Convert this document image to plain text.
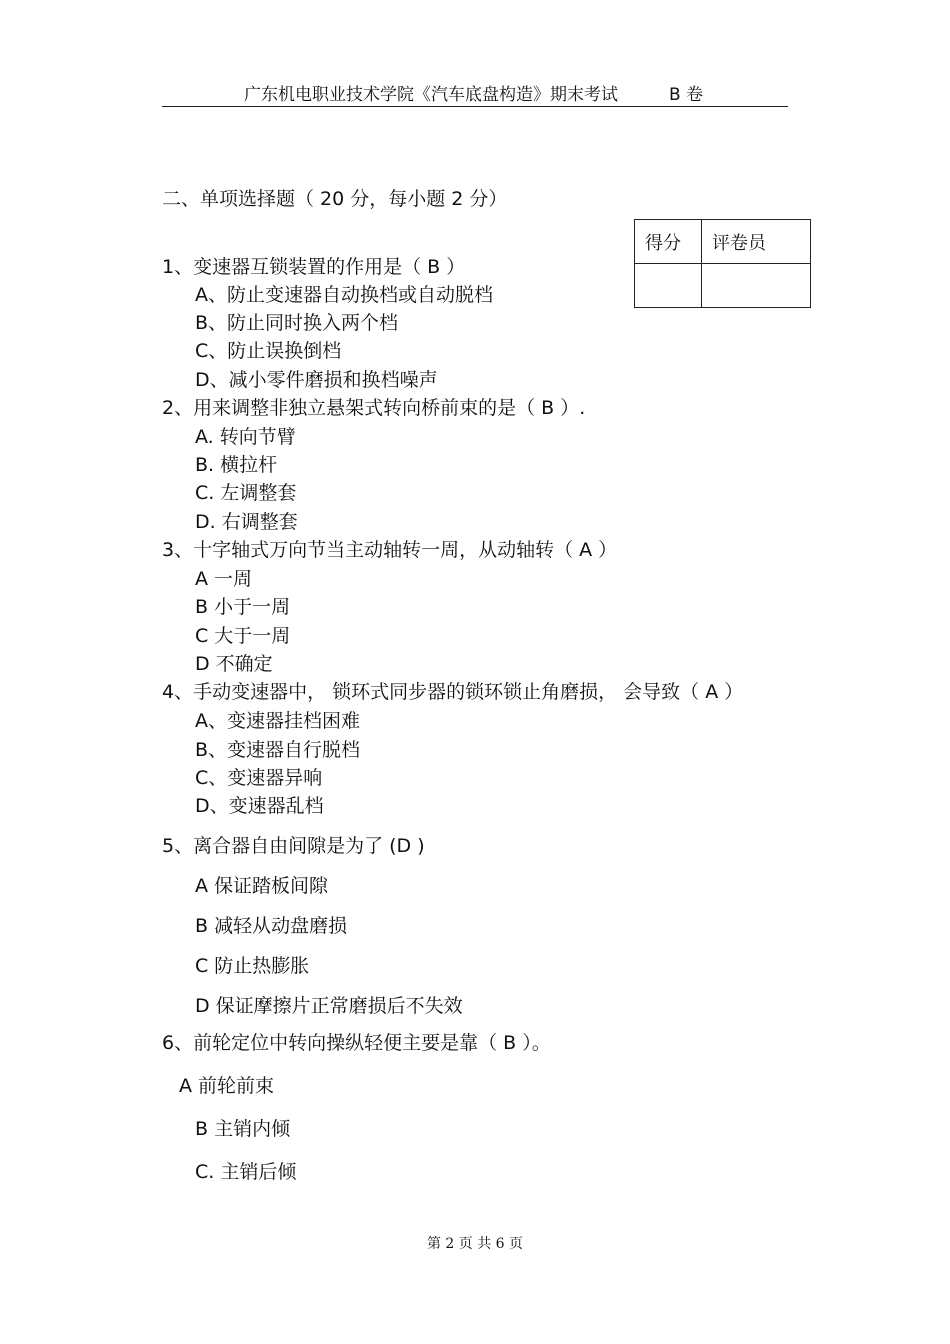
广东机电职业技术学院《汽车底盘构造》期末考试	B 卷
二、单项选择题（ 20 分，每小题 2 分）
得分	评卷员

1、变速器互锁装置的作用是（ B ）
A、防止变速器自动换档或自动脱档
B、防止同时换入两个档
C、防止误换倒档
D、减小零件磨损和换档噪声
2、用来调整非独立悬架式转向桥前束的是（ B ）.
A. 转向节臂
B. 横拉杆
C. 左调整套
D. 右调整套
3、十字轴式万向节当主动轴转一周，从动轴转（ A ）
A 一周
B 小于一周
C 大于一周
D 不确定
4、手动变速器中， 锁环式同步器的锁环锁止角磨损， 会导致（ A ）
A、变速器挂档困难
B、变速器自行脱档
C、变速器异响
D、变速器乱档
5、离合器自由间隙是为了 (D )
A 保证踏板间隙
B 减轻从动盘磨损
C 防止热膨胀
D 保证摩擦片正常磨损后不失效
6、前轮定位中转向操纵轻便主要是靠（ B ）。
A 前轮前束
B 主销内倾
C. 主销后倾
第 2 页 共 6 页
